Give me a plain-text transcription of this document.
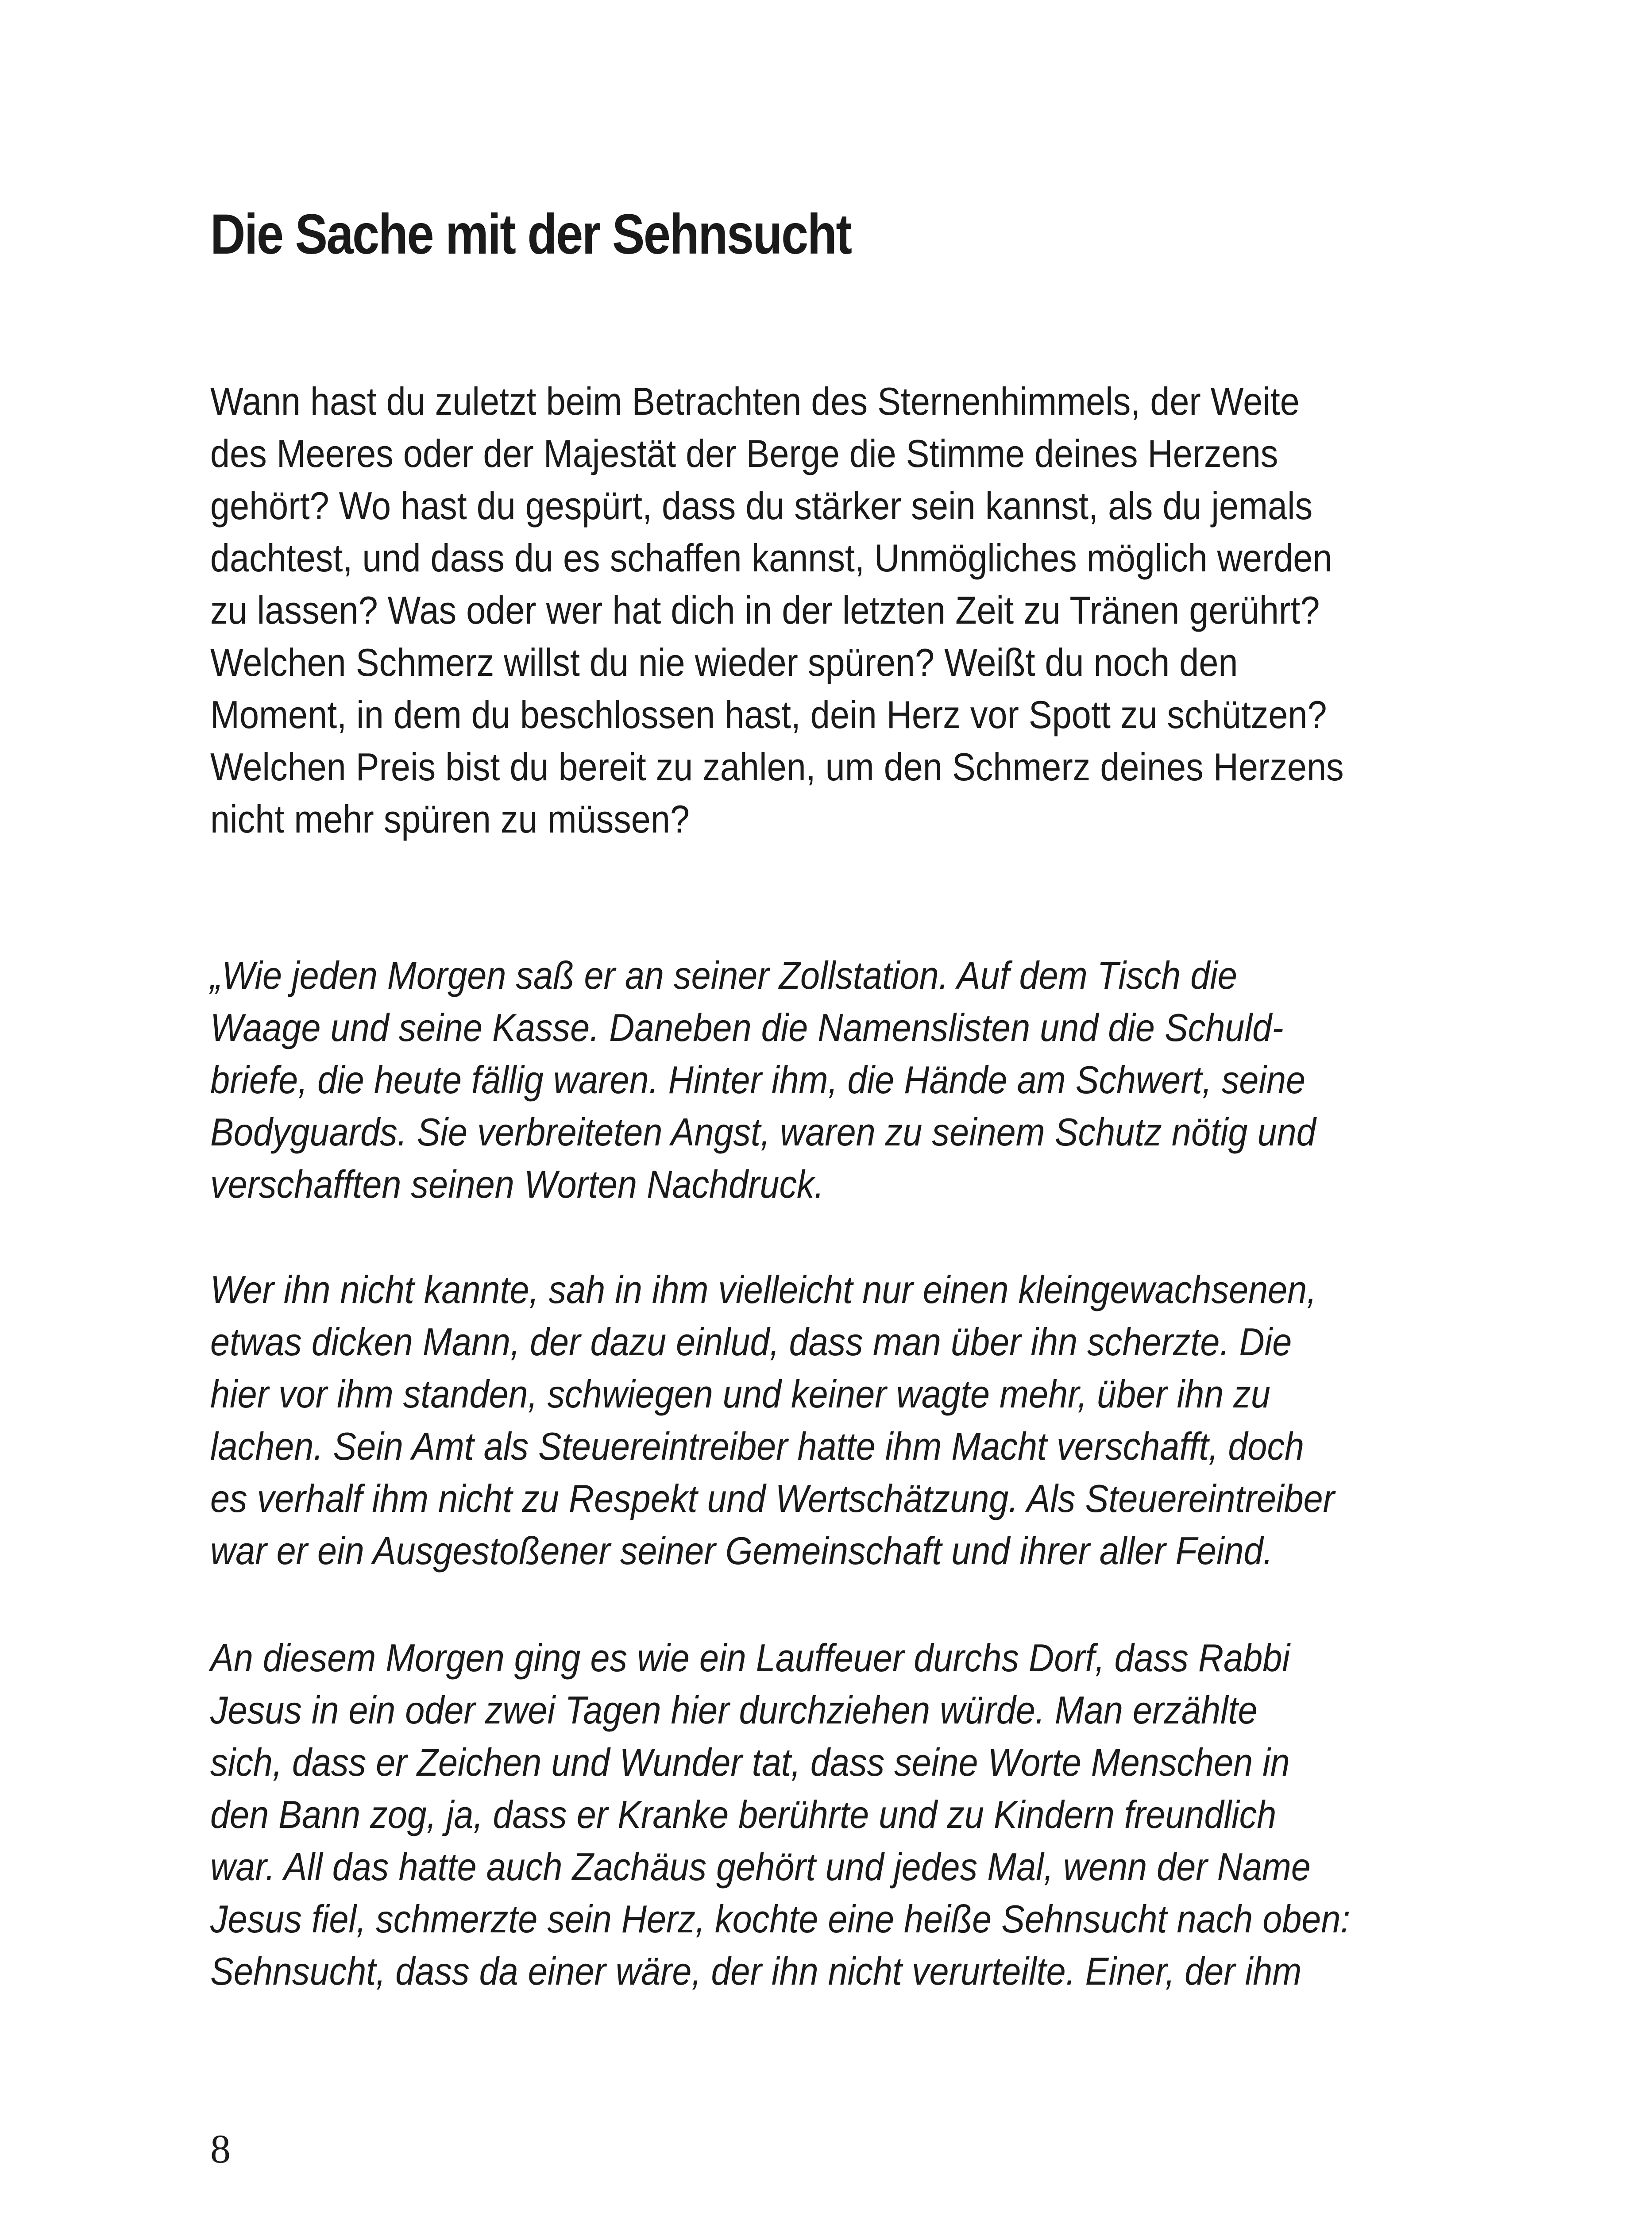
Die Sache mit der Sehnsucht
Wann hast du zuletzt beim Betrachten des Sternenhimmels, der Weite
des Meeres oder der Majestät der Berge die Stimme deines Herzens
gehört? Wo hast du gespürt, dass du stärker sein kannst, als du jemals
dachtest, und dass du es schaffen kannst, Unmögliches möglich werden
zu lassen? Was oder wer hat dich in der letzten Zeit zu Tränen gerührt?
Welchen Schmerz willst du nie wieder spüren? Weißt du noch den
Moment, in dem du beschlossen hast, dein Herz vor Spott zu schützen?
Welchen Preis bist du bereit zu zahlen, um den Schmerz deines Herzens
nicht mehr spüren zu müssen?
„Wie jeden Morgen saß er an seiner Zollstation. Auf dem Tisch die
Waage und seine Kasse. Daneben die Namenslisten und die Schuld-
briefe, die heute fällig waren. Hinter ihm, die Hände am Schwert, seine
Bodyguards. Sie verbreiteten Angst, waren zu seinem Schutz nötig und
verschafften seinen Worten Nachdruck.
Wer ihn nicht kannte, sah in ihm vielleicht nur einen kleingewachsenen,
etwas dicken Mann, der dazu einlud, dass man über ihn scherzte. Die
hier vor ihm standen, schwiegen und keiner wagte mehr, über ihn zu
lachen. Sein Amt als Steuereintreiber hatte ihm Macht verschafft, doch
es verhalf ihm nicht zu Respekt und Wertschätzung. Als Steuereintreiber
war er ein Ausgestoßener seiner Gemeinschaft und ihrer aller Feind.
An diesem Morgen ging es wie ein Lauffeuer durchs Dorf, dass Rabbi
Jesus in ein oder zwei Tagen hier durchziehen würde. Man erzählte
sich, dass er Zeichen und Wunder tat, dass seine Worte Menschen in
den Bann zog, ja, dass er Kranke berührte und zu Kindern freundlich
war. All das hatte auch Zachäus gehört und jedes Mal, wenn der Name
Jesus fiel, schmerzte sein Herz, kochte eine heiße Sehnsucht nach oben:
Sehnsucht, dass da einer wäre, der ihn nicht verurteilte. Einer, der ihm
8
